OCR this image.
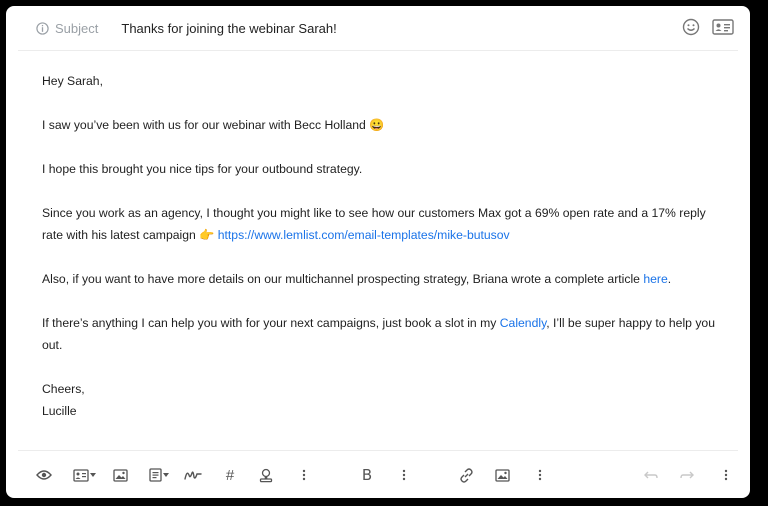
Subject Thanks for joining the webinar Sarah!

Hey Sarah,

I saw you’ve been with us for our webinar with Becc Holland 😀

I hope this brought you nice tips for your outbound strategy.

Since you work as an agency, I thought you might like to see how our customers Max got a 69% open rate and a 17% reply rate with his latest campaign 👉 https://www.lemlist.com/email-templates/mike-butusov

Also, if you want to have more details on our multichannel prospecting strategy, Briana wrote a complete article here.

If there’s anything I can help you with for your next campaigns, just book a slot in my Calendly, I’ll be super happy to help you out.

Cheers,

Lucille

#	B
